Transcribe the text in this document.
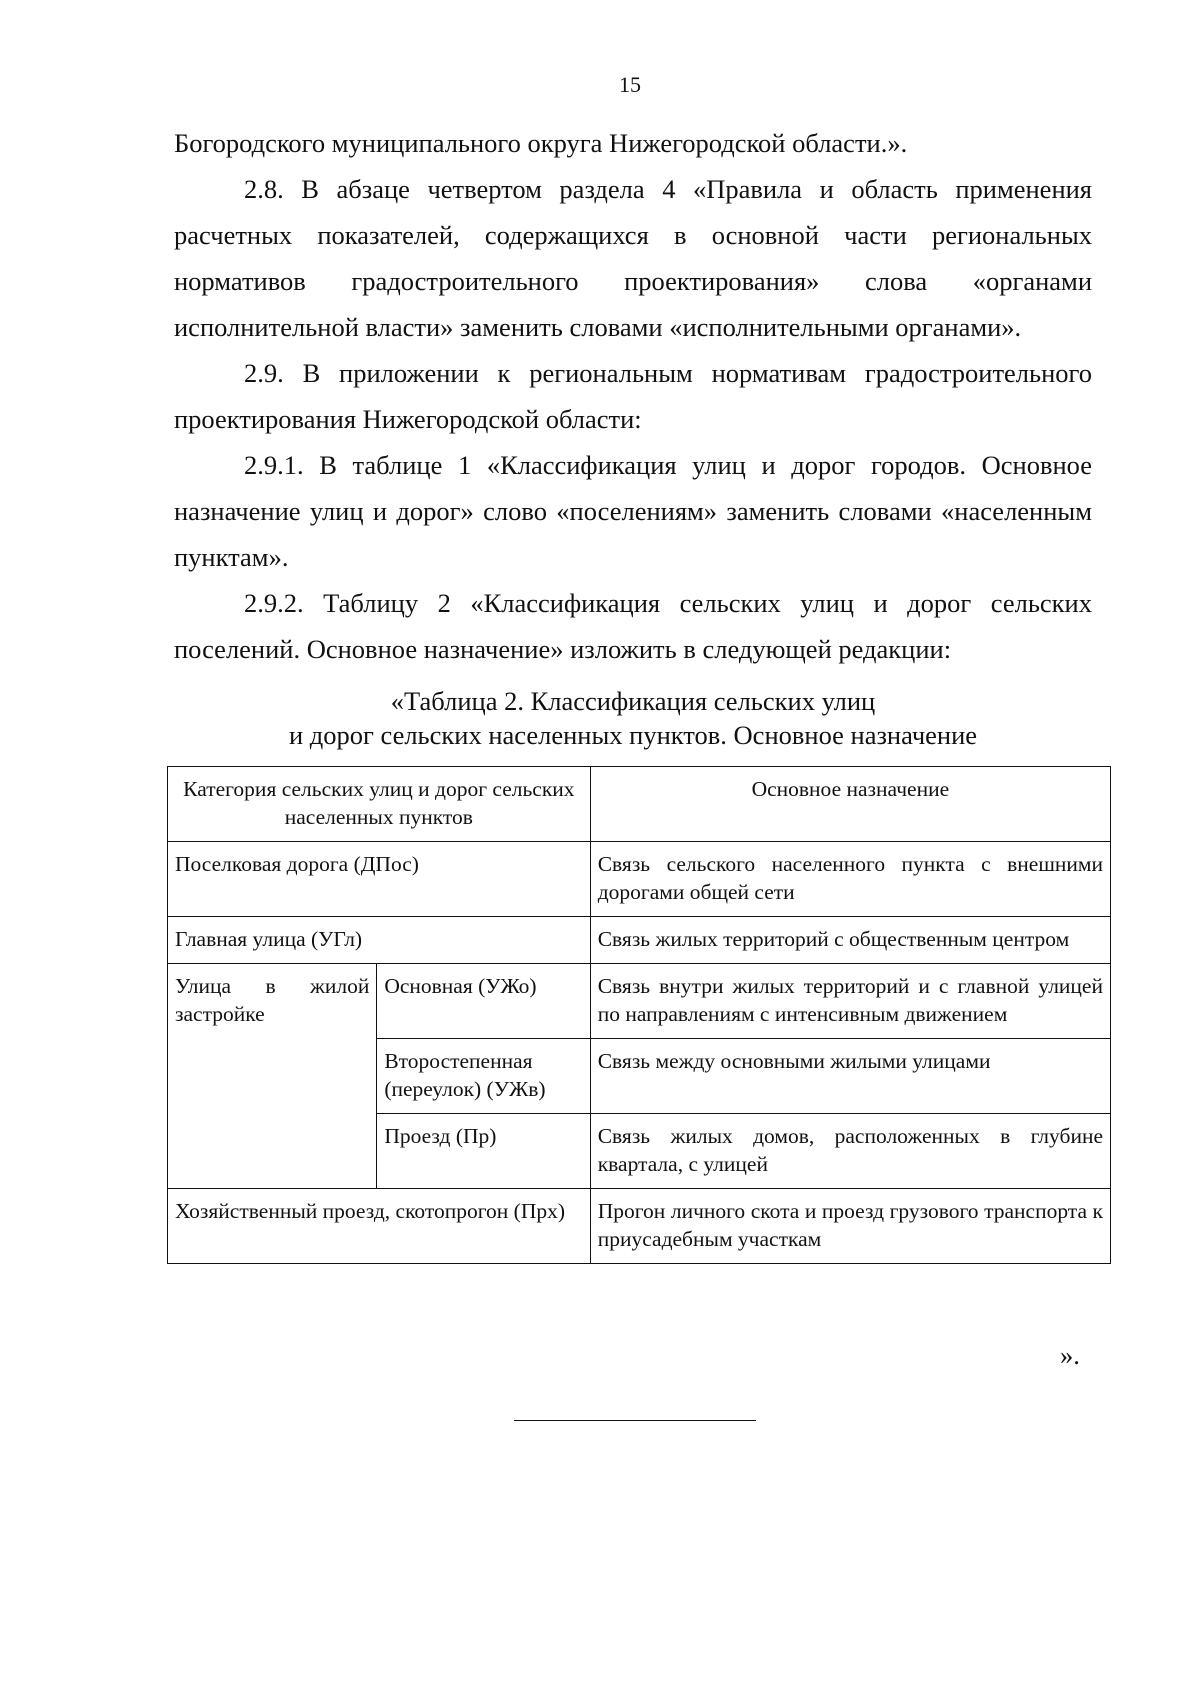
15

Богородского муниципального округа Нижегородской области.».

2.8. В абзаце четвертом раздела 4 «Правила и область применения расчетных показателей, содержащихся в основной части региональных нормативов градостроительного проектирования» слова «органами исполнительной власти» заменить словами «исполнительными органами».

2.9. В приложении к региональным нормативам градостроительного проектирования Нижегородской области:

2.9.1. В таблице 1 «Классификация улиц и дорог городов. Основное назначение улиц и дорог» слово «поселениям» заменить словами «населенным пунктам».

2.9.2. Таблицу 2 «Классификация сельских улиц и дорог сельских поселений. Основное назначение» изложить в следующей редакции:

«Таблица 2. Классификация сельских улиц
и дорог сельских населенных пунктов. Основное назначение
Категория сельских улиц и дорог сельских населенных пунктов		Основное назначение
Поселковая дорога (ДПос)		Связь сельского населенного пункта с внешними дорогами общей сети
Главная улица (УГл)		Связь жилых территорий с общественным центром
Улица в жилой застройке	Основная (УЖо)	Связь внутри жилых территорий и с главной улицей по направлениям с интенсивным движением
	Второстепенная (переулок) (УЖв)	Связь между основными жилыми улицами
	Проезд (Пр)	Связь жилых домов, расположенных в глубине квартала, с улицей
Хозяйственный проезд, скотопрогон (Прх)		Прогон личного скота и проезд грузового транспорта к приусадебным участкам
».
